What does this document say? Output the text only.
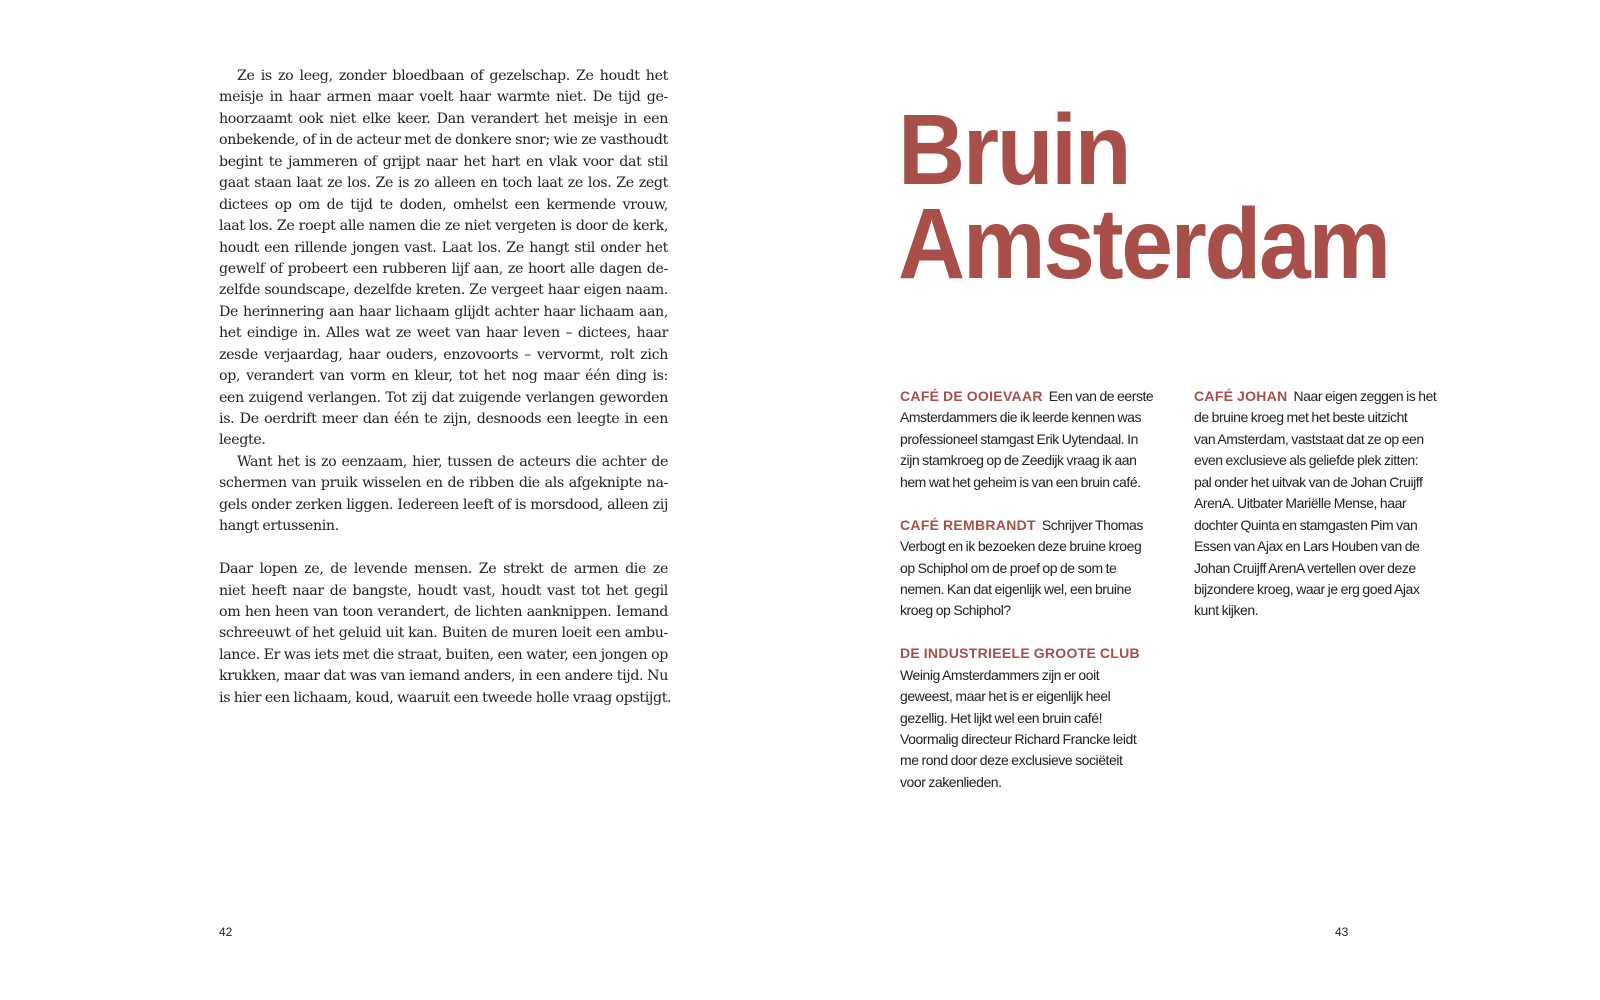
Ze is zo leeg, zonder bloedbaan of gezelschap. Ze houdt het
meisje in haar armen maar voelt haar warmte niet. De tijd ge-
hoorzaamt ook niet elke keer. Dan verandert het meisje in een
onbekende, of in de acteur met de donkere snor; wie ze vasthoudt
begint te jammeren of grijpt naar het hart en vlak voor dat stil
gaat staan laat ze los. Ze is zo alleen en toch laat ze los. Ze zegt
dictees op om de tijd te doden, omhelst een kermende vrouw,
laat los. Ze roept alle namen die ze niet vergeten is door de kerk,
houdt een rillende jongen vast. Laat los. Ze hangt stil onder het
gewelf of probeert een rubberen lijf aan, ze hoort alle dagen de-
zelfde soundscape, dezelfde kreten. Ze vergeet haar eigen naam.
De herinnering aan haar lichaam glijdt achter haar lichaam aan,
het eindige in. Alles wat ze weet van haar leven – dictees, haar
zesde verjaardag, haar ouders, enzovoorts – vervormt, rolt zich
op, verandert van vorm en kleur, tot het nog maar één ding is:
een zuigend verlangen. Tot zij dat zuigende verlangen geworden
is. De oerdrift meer dan één te zijn, desnoods een leegte in een
leegte.
Want het is zo eenzaam, hier, tussen de acteurs die achter de
schermen van pruik wisselen en de ribben die als afgeknipte na-
gels onder zerken liggen. Iedereen leeft of is morsdood, alleen zij
hangt ertussenin.
Daar lopen ze, de levende mensen. Ze strekt de armen die ze
niet heeft naar de bangste, houdt vast, houdt vast tot het gegil
om hen heen van toon verandert, de lichten aanknippen. Iemand
schreeuwt of het geluid uit kan. Buiten de muren loeit een ambu-
lance. Er was iets met die straat, buiten, een water, een jongen op
krukken, maar dat was van iemand anders, in een andere tijd. Nu
is hier een lichaam, koud, waaruit een tweede holle vraag opstijgt.
Bruin
Amsterdam
CAFÉ DE OOIEVAAR Een van de eerste
Amsterdammers die ik leerde kennen was
professioneel stamgast Erik Uytendaal. In
zijn stamkroeg op de Zeedijk vraag ik aan
hem wat het geheim is van een bruin café.
CAFÉ REMBRANDT Schrijver Thomas
Verbogt en ik bezoeken deze bruine kroeg
op Schiphol om de proef op de som te
nemen. Kan dat eigenlijk wel, een bruine
kroeg op Schiphol?
DE INDUSTRIEELE GROOTE CLUB
Weinig Amsterdammers zijn er ooit
geweest, maar het is er eigenlijk heel
gezellig. Het lijkt wel een bruin café!
Voormalig directeur Richard Francke leidt
me rond door deze exclusieve sociëteit
voor zakenlieden.
CAFÉ JOHAN Naar eigen zeggen is het
de bruine kroeg met het beste uitzicht
van Amsterdam, vaststaat dat ze op een
even exclusieve als geliefde plek zitten:
pal onder het uitvak van de Johan Cruijff
ArenA. Uitbater Mariëlle Mense, haar
dochter Quinta en stamgasten Pim van
Essen van Ajax en Lars Houben van de
Johan Cruijff ArenA vertellen over deze
bijzondere kroeg, waar je erg goed Ajax
kunt kijken.
42	43
